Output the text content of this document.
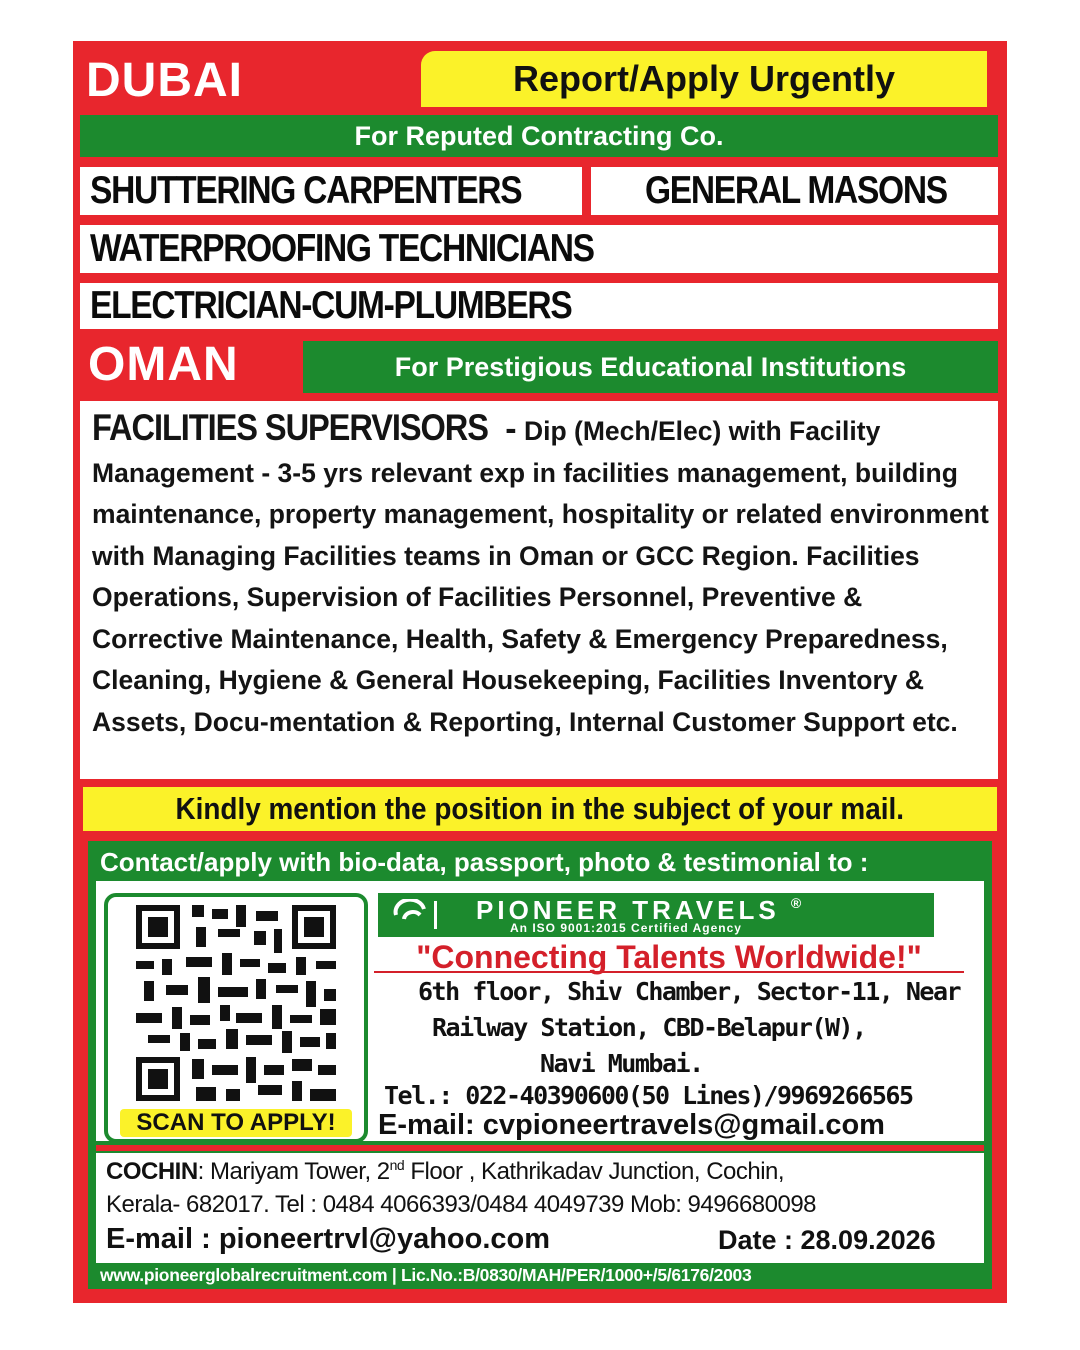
DUBAI	Report/Apply Urgently
For Reputed Contracting Co.
SHUTTERING CARPENTERS	GENERAL MASONS
WATERPROOFING TECHNICIANS
ELECTRICIAN-CUM-PLUMBERS
OMAN	For Prestigious Educational Institutions
FACILITIES SUPERVISORS - Dip (Mech/Elec) with Facility Management - 3-5 yrs relevant exp in facilities management, building maintenance, property management, hospitality or related environment with Managing Facilities teams in Oman or GCC Region. Facilities Operations, Supervision of Facilities Personnel, Preventive & Corrective Maintenance, Health, Safety & Emergency Preparedness, Cleaning, Hygiene & General Housekeeping, Facilities Inventory & Assets, Docu-mentation & Reporting, Internal Customer Support etc.
Kindly mention the position in the subject of your mail.
Contact/apply with bio-data, passport, photo & testimonial to :
SCAN TO APPLY!
PIONEER TRAVELS ®
An ISO 9001:2015 Certified Agency
"Connecting Talents Worldwide!"
6th floor, Shiv Chamber, Sector-11, Near
Railway Station, CBD-Belapur(W),
Navi Mumbai.
Tel.: 022-40390600(50 Lines)/9969266565
E-mail: cvpioneertravels@gmail.com
COCHIN: Mariyam Tower, 2nd Floor , Kathrikadav Junction, Cochin,
Kerala- 682017. Tel : 0484 4066393/0484 4049739 Mob: 9496680098
E-mail : pioneertrvl@yahoo.com	Date : 28.09.2026
www.pioneerglobalrecruitment.com | Lic.No.:B/0830/MAH/PER/1000+/5/6176/2003
